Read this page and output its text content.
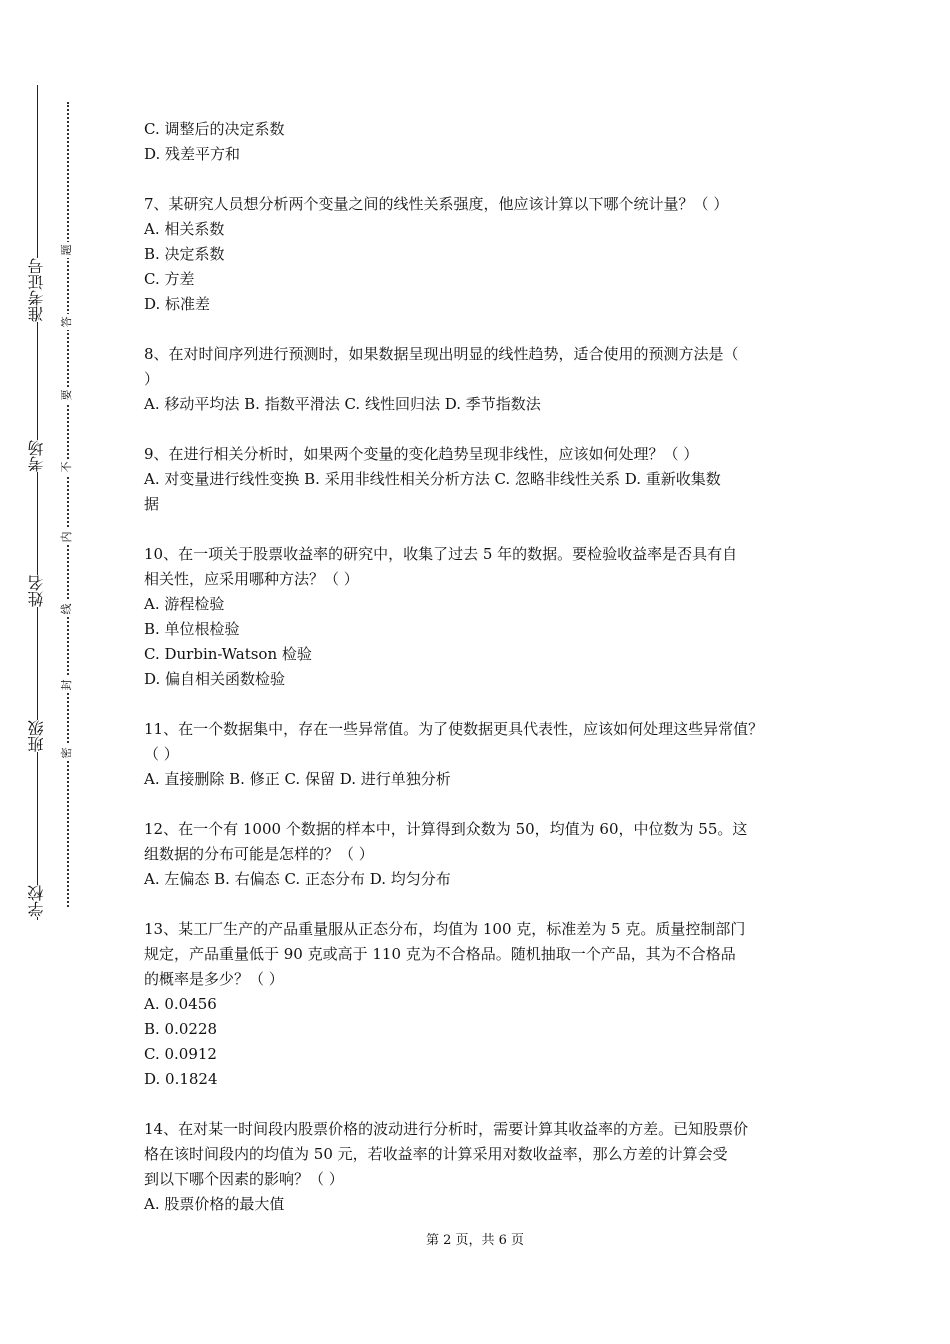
学校
班级
姓名
考场
准考证号
密
封
线
内
不
要
答
题

C. 调整后的决定系数

D. 残差平方和

7、某研究人员想分析两个变量之间的线性关系强度，他应该计算以下哪个统计量？（ ）

A. 相关系数

B. 决定系数

C. 方差

D. 标准差

8、在对时间序列进行预测时，如果数据呈现出明显的线性趋势，适合使用的预测方法是（

）

A. 移动平均法 B. 指数平滑法 C. 线性回归法 D. 季节指数法

9、在进行相关分析时，如果两个变量的变化趋势呈现非线性，应该如何处理？（ ）

A. 对变量进行线性变换 B. 采用非线性相关分析方法 C. 忽略非线性关系 D. 重新收集数

据

10、在一项关于股票收益率的研究中，收集了过去 5 年的数据。要检验收益率是否具有自

相关性，应采用哪种方法？（ ）

A. 游程检验

B. 单位根检验

C. Durbin-Watson 检验

D. 偏自相关函数检验

11、在一个数据集中，存在一些异常值。为了使数据更具代表性，应该如何处理这些异常值？

（ ）

A. 直接删除 B. 修正 C. 保留 D. 进行单独分析

12、在一个有 1000 个数据的样本中，计算得到众数为 50，均值为 60，中位数为 55。这

组数据的分布可能是怎样的？（ ）

A. 左偏态 B. 右偏态 C. 正态分布 D. 均匀分布

13、某工厂生产的产品重量服从正态分布，均值为 100 克，标准差为 5 克。质量控制部门

规定，产品重量低于 90 克或高于 110 克为不合格品。随机抽取一个产品，其为不合格品

的概率是多少？（ ）

A. 0.0456

B. 0.0228

C. 0.0912

D. 0.1824

14、在对某一时间段内股票价格的波动进行分析时，需要计算其收益率的方差。已知股票价

格在该时间段内的均值为 50 元，若收益率的计算采用对数收益率，那么方差的计算会受

到以下哪个因素的影响？（ ）

A. 股票价格的最大值

第 2 页，共 6 页
